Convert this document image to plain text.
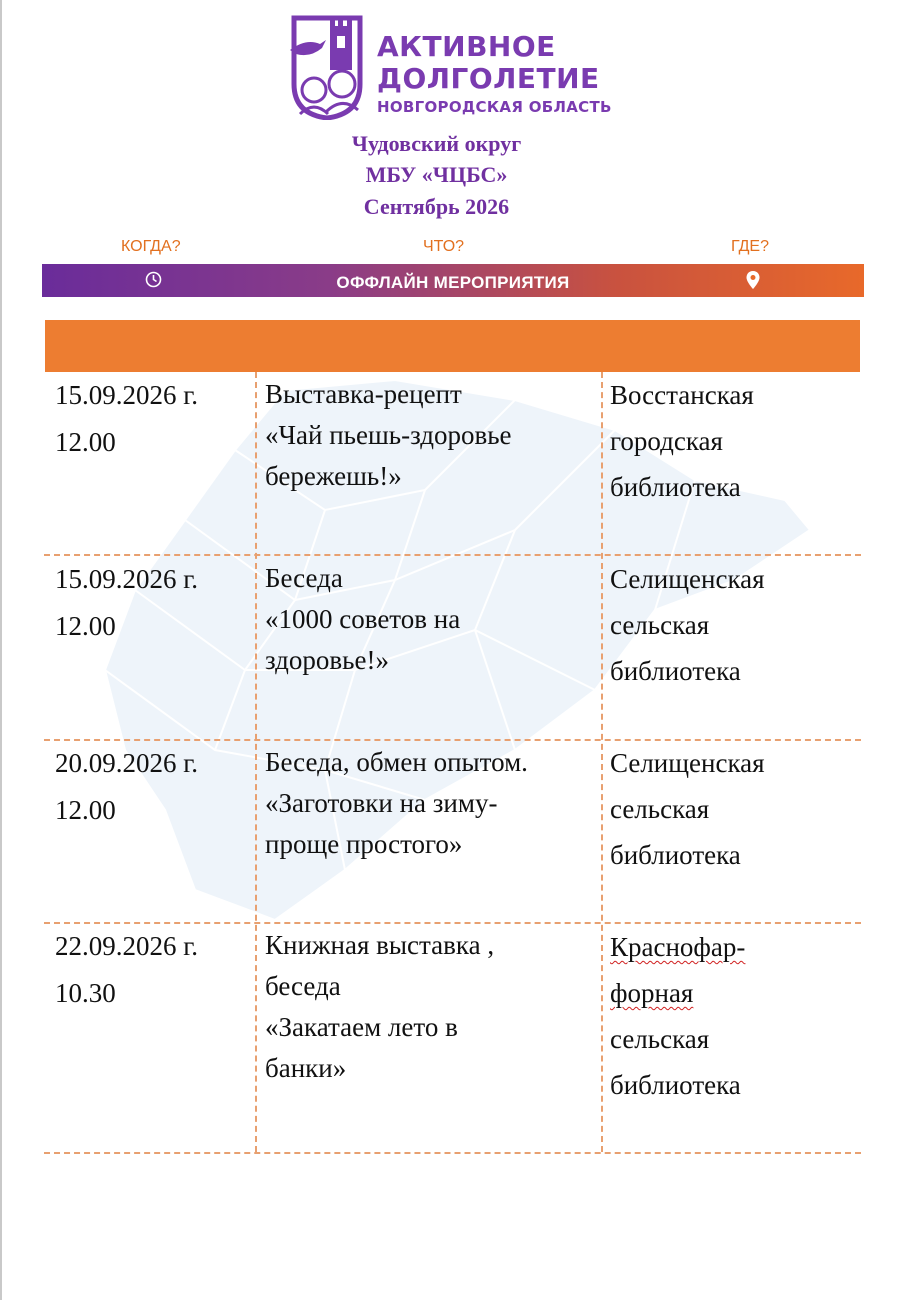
АКТИВНОЕ
ДОЛГОЛЕТИЕ
НОВГОРОДСКАЯ ОБЛАСТЬ
Чудовский округ
МБУ «ЧЦБС»
Сентябрь 2026
КОГДА?	ЧТО?	ГДЕ?
ОФФЛАЙН МЕРОПРИЯТИЯ
15.09.2026 г.
12.00
Выставка-рецепт
«Чай пьешь-здоровье
бережешь!»
Восстанская
городская
библиотека
15.09.2026 г.
12.00
Беседа
«1000 советов на
здоровье!»
Селищенская
сельская
библиотека
20.09.2026 г.
12.00
Беседа, обмен опытом.
«Заготовки на зиму-
проще простого»
Селищенская
сельская
библиотека
22.09.2026 г.
10.30
Книжная выставка ,
беседа
«Закатаем лето в
банки»
Краснофар-
форная
сельская
библиотека
